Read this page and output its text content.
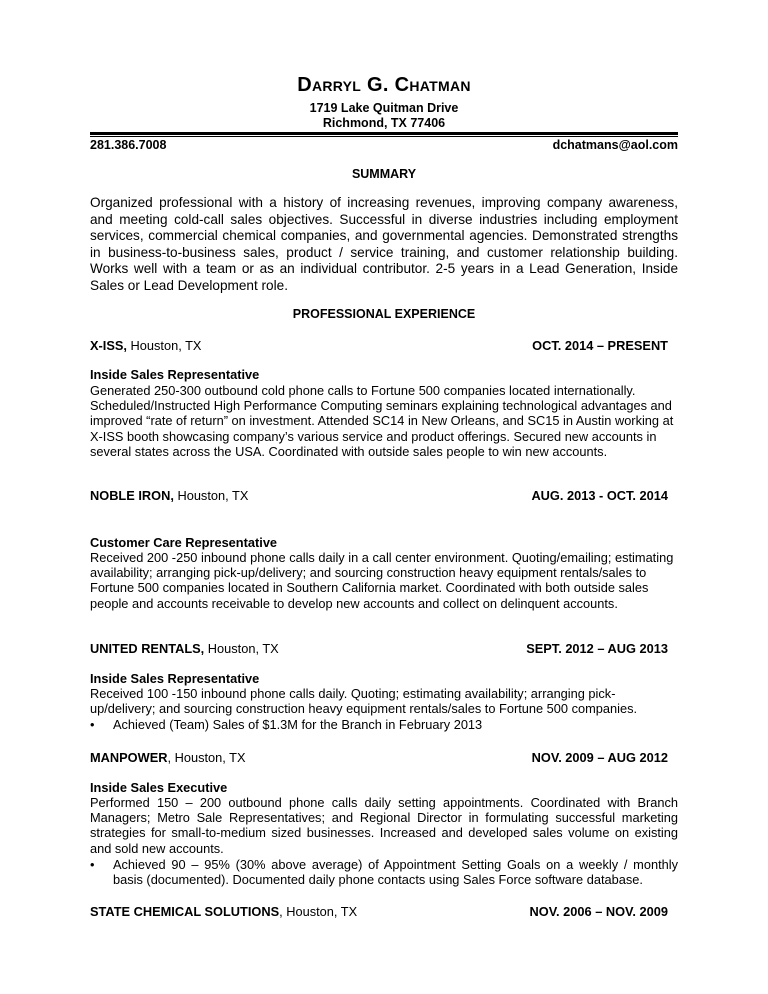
Darryl G. Chatman
1719 Lake Quitman Drive
Richmond, TX 77406
281.386.7008	dchatmans@aol.com
SUMMARY
Organized professional with a history of increasing revenues, improving company awareness, and meeting cold-call sales objectives. Successful in diverse industries including employment services, commercial chemical companies, and governmental agencies. Demonstrated strengths in business-to-business sales, product / service training, and customer relationship building. Works well with a team or as an individual contributor. 2-5 years in a Lead Generation, Inside Sales or Lead Development role.
PROFESSIONAL EXPERIENCE
X-ISS, Houston, TX	OCT. 2014 – PRESENT
Inside Sales Representative
Generated 250-300 outbound cold phone calls to Fortune 500 companies located internationally. Scheduled/Instructed High Performance Computing seminars explaining technological advantages and improved “rate of return” on investment. Attended SC14 in New Orleans, and SC15 in Austin working at X-ISS booth showcasing company’s various service and product offerings. Secured new accounts in several states across the USA. Coordinated with outside sales people to win new accounts.
NOBLE IRON, Houston, TX	AUG. 2013 - OCT. 2014
Customer Care Representative
Received 200 -250 inbound phone calls daily in a call center environment. Quoting/emailing; estimating availability; arranging pick-up/delivery; and sourcing construction heavy equipment rentals/sales to Fortune 500 companies located in Southern California market. Coordinated with both outside sales people and accounts receivable to develop new accounts and collect on delinquent accounts.
UNITED RENTALS, Houston, TX	SEPT. 2012 – AUG 2013
Inside Sales Representative
Received 100 -150 inbound phone calls daily. Quoting; estimating availability; arranging pick-up/delivery; and sourcing construction heavy equipment rentals/sales to Fortune 500 companies.
• Achieved (Team) Sales of $1.3M for the Branch in February 2013
MANPOWER, Houston, TX	NOV. 2009 – AUG 2012
Inside Sales Executive
Performed 150 – 200 outbound phone calls daily setting appointments. Coordinated with Branch Managers; Metro Sale Representatives; and Regional Director in formulating successful marketing strategies for small-to-medium sized businesses. Increased and developed sales volume on existing and sold new accounts.
• Achieved 90 – 95% (30% above average) of Appointment Setting Goals on a weekly / monthly basis (documented). Documented daily phone contacts using Sales Force software database.
STATE CHEMICAL SOLUTIONS, Houston, TX	NOV. 2006 – NOV. 2009
